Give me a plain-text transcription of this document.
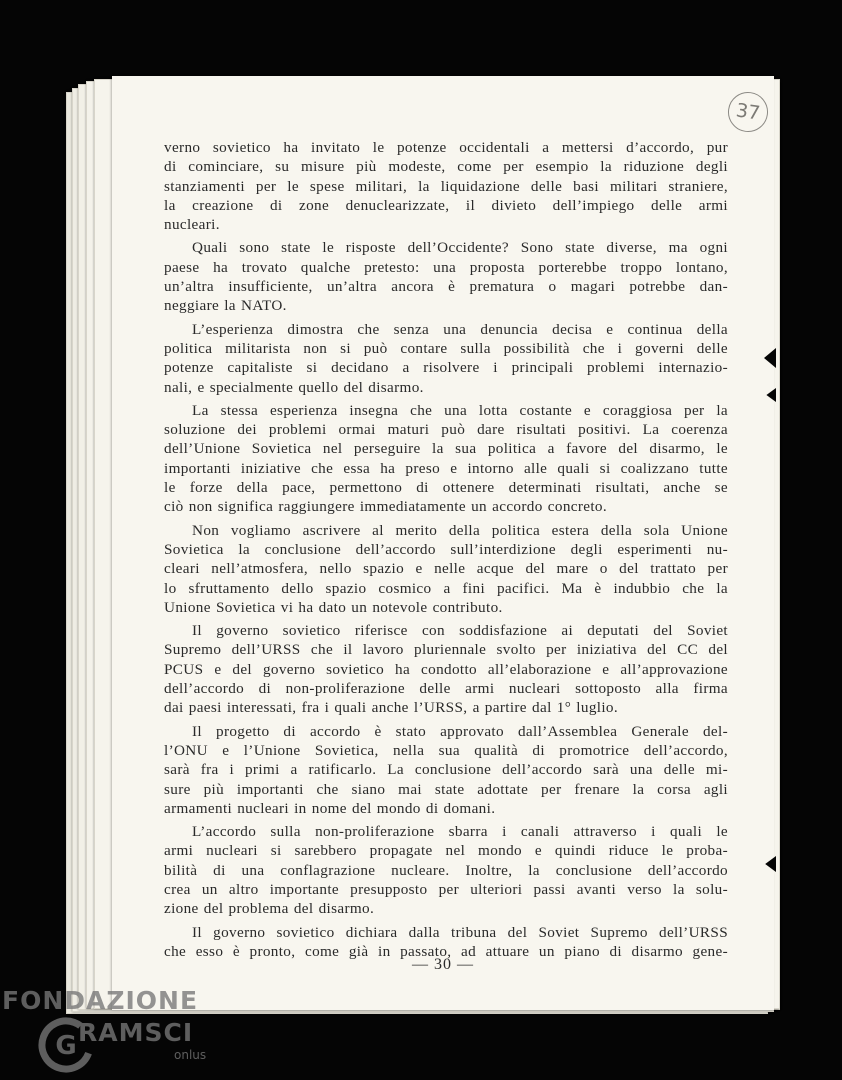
37
verno sovietico ha invitato le potenze occidentali a mettersi d’accordo, pur
di cominciare, su misure più modeste, come per esempio la riduzione degli
stanziamenti per le spese militari, la liquidazione delle basi militari straniere,
la creazione di zone denuclearizzate, il divieto dell’impiego delle armi
nucleari.
Quali sono state le risposte dell’Occidente? Sono state diverse, ma ogni
paese ha trovato qualche pretesto: una proposta porterebbe troppo lontano,
un’altra insufficiente, un’altra ancora è prematura o magari potrebbe dan-
neggiare la NATO.
L’esperienza dimostra che senza una denuncia decisa e continua della
politica militarista non si può contare sulla possibilità che i governi delle
potenze capitaliste si decidano a risolvere i principali problemi internazio-
nali, e specialmente quello del disarmo.
La stessa esperienza insegna che una lotta costante e coraggiosa per la
soluzione dei problemi ormai maturi può dare risultati positivi. La coerenza
dell’Unione Sovietica nel perseguire la sua politica a favore del disarmo, le
importanti iniziative che essa ha preso e intorno alle quali si coalizzano tutte
le forze della pace, permettono di ottenere determinati risultati, anche se
ciò non significa raggiungere immediatamente un accordo concreto.
Non vogliamo ascrivere al merito della politica estera della sola Unione
Sovietica la conclusione dell’accordo sull’interdizione degli esperimenti nu-
cleari nell’atmosfera, nello spazio e nelle acque del mare o del trattato per
lo sfruttamento dello spazio cosmico a fini pacifici. Ma è indubbio che la
Unione Sovietica vi ha dato un notevole contributo.
Il governo sovietico riferisce con soddisfazione ai deputati del Soviet
Supremo dell’URSS che il lavoro pluriennale svolto per iniziativa del CC del
PCUS e del governo sovietico ha condotto all’elaborazione e all’approvazione
dell’accordo di non-proliferazione delle armi nucleari sottoposto alla firma
dai paesi interessati, fra i quali anche l’URSS, a partire dal 1° luglio.
Il progetto di accordo è stato approvato dall’Assemblea Generale del-
l’ONU e l’Unione Sovietica, nella sua qualità di promotrice dell’accordo,
sarà fra i primi a ratificarlo. La conclusione dell’accordo sarà una delle mi-
sure più importanti che siano mai state adottate per frenare la corsa agli
armamenti nucleari in nome del mondo di domani.
L’accordo sulla non-proliferazione sbarra i canali attraverso i quali le
armi nucleari si sarebbero propagate nel mondo e quindi riduce le proba-
bilità di una conflagrazione nucleare. Inoltre, la conclusione dell’accordo
crea un altro importante presupposto per ulteriori passi avanti verso la solu-
zione del problema del disarmo.
Il governo sovietico dichiara dalla tribuna del Soviet Supremo dell’URSS
che esso è pronto, come già in passato, ad attuare un piano di disarmo gene-
— 30 —
FONDAZIONE
G RAMSCI
onlus
